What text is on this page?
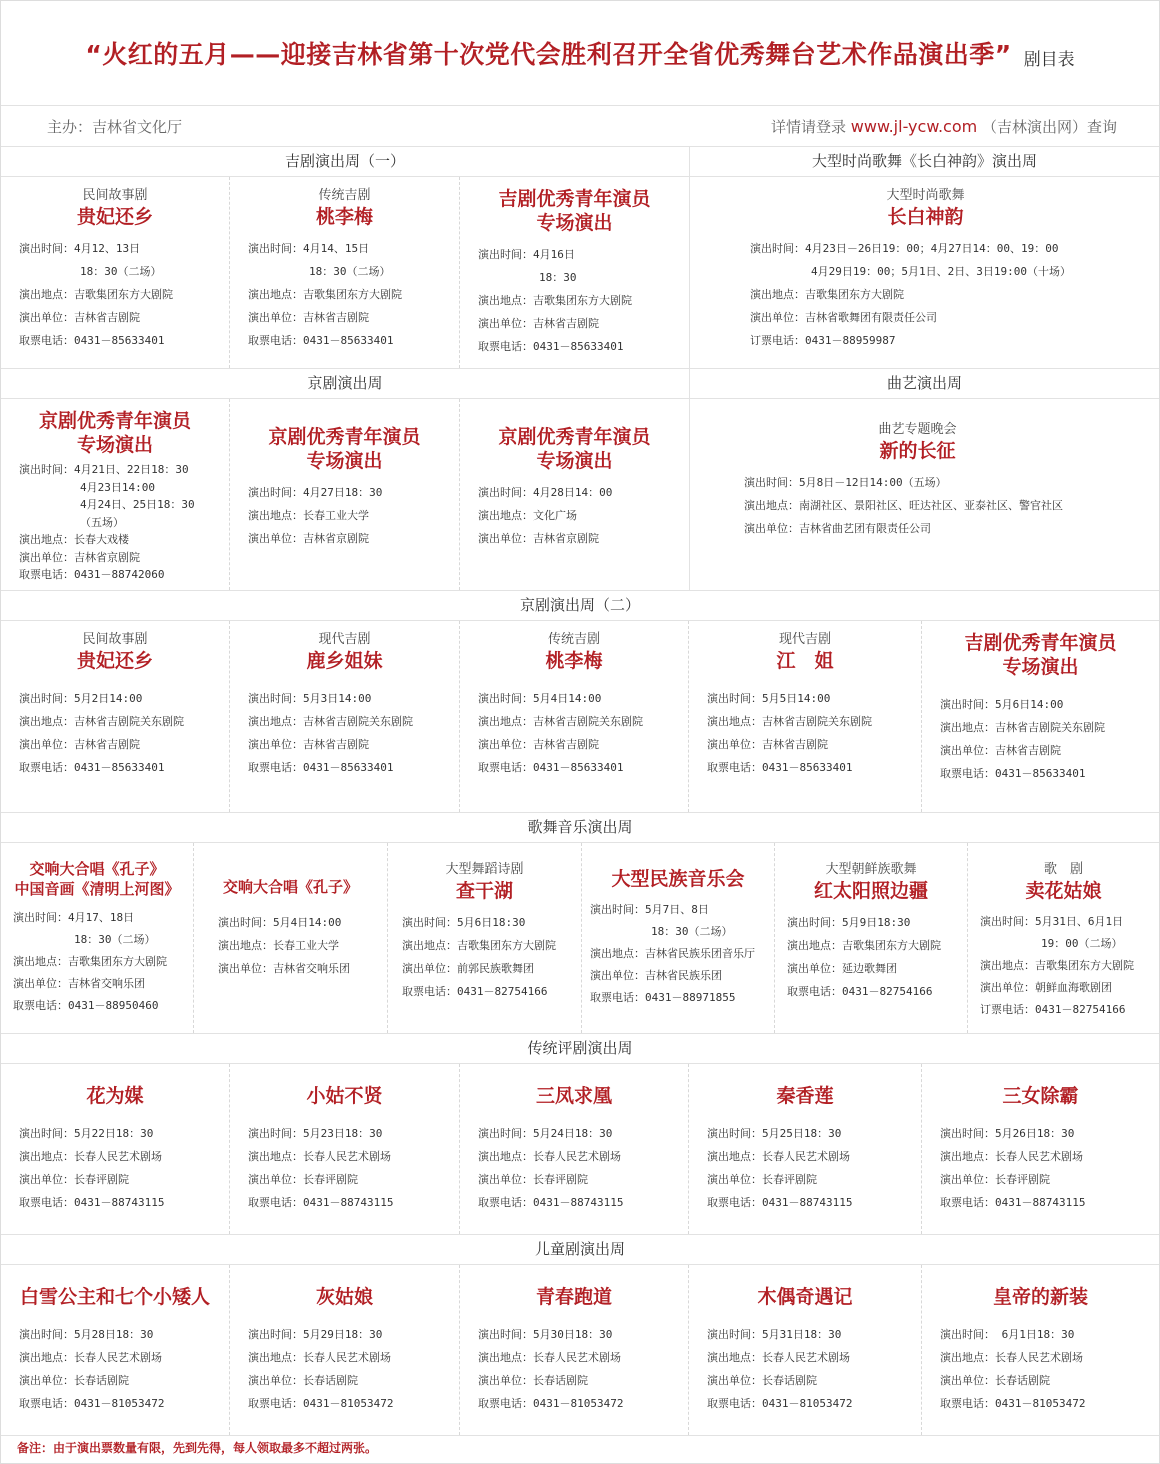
“火红的五月——迎接吉林省第十次党代会胜利召开全省优秀舞台艺术作品演出季” 剧目表
主办：吉林省文化厅	详情请登录 www.jl-ycw.com （吉林演出网）查询
吉剧演出周（一）
民间故事剧
贵妃还乡
演出时间：4月12、13日
18：30（二场）
演出地点：吉歌集团东方大剧院
演出单位：吉林省吉剧院
取票电话：0431－85633401
传统吉剧
桃李梅
演出时间：4月14、15日
18：30（二场）
演出地点：吉歌集团东方大剧院
演出单位：吉林省吉剧院
取票电话：0431－85633401
吉剧优秀青年演员
专场演出
演出时间：4月16日
18：30
演出地点：吉歌集团东方大剧院
演出单位：吉林省吉剧院
取票电话：0431－85633401
大型时尚歌舞《长白神韵》演出周
大型时尚歌舞
长白神韵
演出时间：4月23日－26日19：00；4月27日14：00、19：00
4月29日19：00；5月1日、2日、3日19:00（十场）
演出地点：吉歌集团东方大剧院
演出单位：吉林省歌舞团有限责任公司
订票电话：0431－88959987
京剧演出周
京剧优秀青年演员
专场演出
演出时间：4月21日、22日18：30
4月23日14:00
4月24日、25日18：30
（五场）
演出地点：长春大戏楼
演出单位：吉林省京剧院
取票电话：0431－88742060
京剧优秀青年演员
专场演出
演出时间：4月27日18：30
演出地点：长春工业大学
演出单位：吉林省京剧院
京剧优秀青年演员
专场演出
演出时间：4月28日14：00
演出地点：文化广场
演出单位：吉林省京剧院
曲艺演出周
曲艺专题晚会
新的长征
演出时间：5月8日－12日14:00（五场）
演出地点：南湖社区、景阳社区、旺达社区、亚泰社区、警官社区
演出单位：吉林省曲艺团有限责任公司
京剧演出周（二）
民间故事剧
贵妃还乡
演出时间：5月2日14:00
演出地点：吉林省吉剧院关东剧院
演出单位：吉林省吉剧院
取票电话：0431－85633401
现代吉剧
鹿乡姐妹
演出时间：5月3日14:00
演出地点：吉林省吉剧院关东剧院
演出单位：吉林省吉剧院
取票电话：0431－85633401
传统吉剧
桃李梅
演出时间：5月4日14:00
演出地点：吉林省吉剧院关东剧院
演出单位：吉林省吉剧院
取票电话：0431－85633401
现代吉剧
江　姐
演出时间：5月5日14:00
演出地点：吉林省吉剧院关东剧院
演出单位：吉林省吉剧院
取票电话：0431－85633401
吉剧优秀青年演员
专场演出
演出时间：5月6日14:00
演出地点：吉林省吉剧院关东剧院
演出单位：吉林省吉剧院
取票电话：0431－85633401
歌舞音乐演出周
交响大合唱《孔子》
中国音画《清明上河图》
演出时间：4月17、18日
18：30（二场）
演出地点：吉歌集团东方大剧院
演出单位：吉林省交响乐团
取票电话：0431－88950460
交响大合唱《孔子》
演出时间：5月4日14:00
演出地点：长春工业大学
演出单位：吉林省交响乐团
大型舞蹈诗剧
查干湖
演出时间：5月6日18:30
演出地点：吉歌集团东方大剧院
演出单位：前郭民族歌舞团
取票电话：0431－82754166
大型民族音乐会
演出时间：5月7日、8日
18：30（二场）
演出地点：吉林省民族乐团音乐厅
演出单位：吉林省民族乐团
取票电话：0431－88971855
大型朝鲜族歌舞
红太阳照边疆
演出时间：5月9日18:30
演出地点：吉歌集团东方大剧院
演出单位：延边歌舞团
取票电话：0431－82754166
歌　剧
卖花姑娘
演出时间：5月31日、6月1日
19：00（二场）
演出地点：吉歌集团东方大剧院
演出单位：朝鲜血海歌剧团
订票电话：0431－82754166
传统评剧演出周
花为媒
演出时间：5月22日18：30
演出地点：长春人民艺术剧场
演出单位：长春评剧院
取票电话：0431－88743115
小姑不贤
演出时间：5月23日18：30
演出地点：长春人民艺术剧场
演出单位：长春评剧院
取票电话：0431－88743115
三凤求凰
演出时间：5月24日18：30
演出地点：长春人民艺术剧场
演出单位：长春评剧院
取票电话：0431－88743115
秦香莲
演出时间：5月25日18：30
演出地点：长春人民艺术剧场
演出单位：长春评剧院
取票电话：0431－88743115
三女除霸
演出时间：5月26日18：30
演出地点：长春人民艺术剧场
演出单位：长春评剧院
取票电话：0431－88743115
儿童剧演出周
白雪公主和七个小矮人
演出时间：5月28日18：30
演出地点：长春人民艺术剧场
演出单位：长春话剧院
取票电话：0431－81053472
灰姑娘
演出时间：5月29日18：30
演出地点：长春人民艺术剧场
演出单位：长春话剧院
取票电话：0431－81053472
青春跑道
演出时间：5月30日18：30
演出地点：长春人民艺术剧场
演出单位：长春话剧院
取票电话：0431－81053472
木偶奇遇记
演出时间：5月31日18：30
演出地点：长春人民艺术剧场
演出单位：长春话剧院
取票电话：0431－81053472
皇帝的新装
演出时间： 6月1日18：30
演出地点：长春人民艺术剧场
演出单位：长春话剧院
取票电话：0431－81053472
备注：由于演出票数量有限，先到先得，每人领取最多不超过两张。
